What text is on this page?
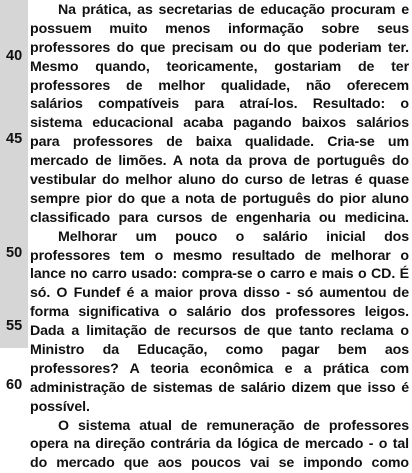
40
45
50
55
60
Na prática, as secretarias de educação procuram e
possuem muito menos informação sobre seus
professores do que precisam ou do que poderiam ter.
Mesmo quando, teoricamente, gostariam de ter
professores de melhor qualidade, não oferecem
salários compatíveis para atraí-los. Resultado: o
sistema educacional acaba pagando baixos salários
para professores de baixa qualidade. Cria-se um
mercado de limões. A nota da prova de português do
vestibular do melhor aluno do curso de letras é quase
sempre pior do que a nota de português do pior aluno
classificado para cursos de engenharia ou medicina.
Melhorar um pouco o salário inicial dos
professores tem o mesmo resultado de melhorar o
lance no carro usado: compra-se o carro e mais o CD. É
só. O Fundef é a maior prova disso - só aumentou de
forma significativa o salário dos professores leigos.
Dada a limitação de recursos de que tanto reclama o
Ministro da Educação, como pagar bem aos
professores? A teoria econômica e a prática com
administração de sistemas de salário dizem que isso é
possível.
O sistema atual de remuneração de professores
opera na direção contrária da lógica de mercado - o tal
do mercado que aos poucos vai se impondo como
